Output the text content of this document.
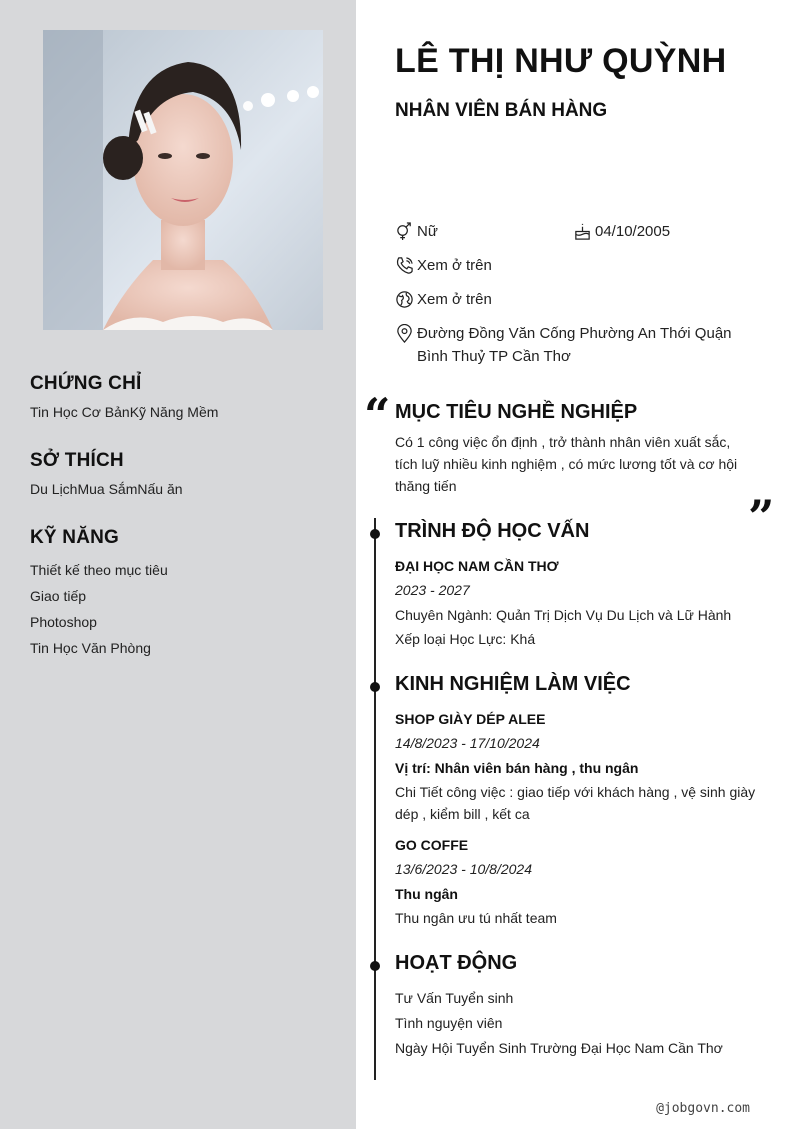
CHỨNG CHỈ
Tin Học Cơ BảnKỹ Năng Mềm
SỞ THÍCH
Du LịchMua SắmNấu ăn
KỸ NĂNG
Thiết kế theo mục tiêu
Giao tiếp
Photoshop
Tin Học Văn Phòng
LÊ THỊ NHƯ QUỲNH
NHÂN VIÊN BÁN HÀNG
Nữ	04/10/2005
Xem ở trên
Xem ở trên
Đường Đồng Văn Cống Phường An Thới Quận Bình Thuỷ TP Cần Thơ
“ MỤC TIÊU NGHỀ NGHIỆP
Có 1 công việc ổn định , trở thành nhân viên xuất sắc, tích luỹ nhiều kinh nghiệm , có mức lương tốt và cơ hội thăng tiến
”
TRÌNH ĐỘ HỌC VẤN
ĐẠI HỌC NAM CẦN THƠ
2023 - 2027
Chuyên Ngành: Quản Trị Dịch Vụ Du Lịch và Lữ Hành
Xếp loại Học Lực: Khá
KINH NGHIỆM LÀM VIỆC
SHOP GIÀY DÉP ALEE
14/8/2023 - 17/10/2024
Vị trí: Nhân viên bán hàng , thu ngân
Chi Tiết công việc : giao tiếp với khách hàng , vệ sinh giày dép , kiểm bill , kết ca
GO COFFE
13/6/2023 - 10/8/2024
Thu ngân
Thu ngân ưu tú nhất team
HOẠT ĐỘNG
Tư Vấn Tuyển sinh
Tình nguyện viên
Ngày Hội Tuyển Sinh Trường Đại Học Nam Cần Thơ
@jobgovn.com
